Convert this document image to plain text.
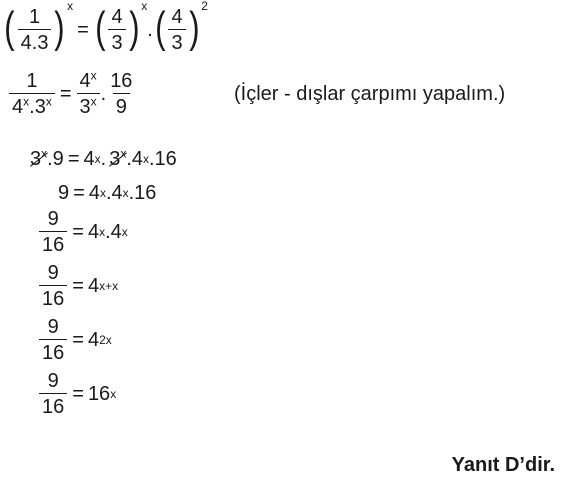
( $\frac{1}{4.3}$ ) x
= ( $\frac{4}{3}$ ) x
. ( $\frac{4}{3}$ ) 2
$\frac{1}{4^x.3^x} = \frac{4^x}{3^x}$ . $\frac{16}{9}$	(İçler - dışlar çarpımı yapalım.)
3$^x$ .9 = 4 x . 3$^x$ .4 x .16
9 = 4 x .4 x .16
$\frac{9}{16} = 4$ x .4 x
$\frac{9}{16} = 4$ x+x
$\frac{9}{16} = 4$ 2x
$\frac{9}{16} = 16$ x
Yanıt D’dir.
